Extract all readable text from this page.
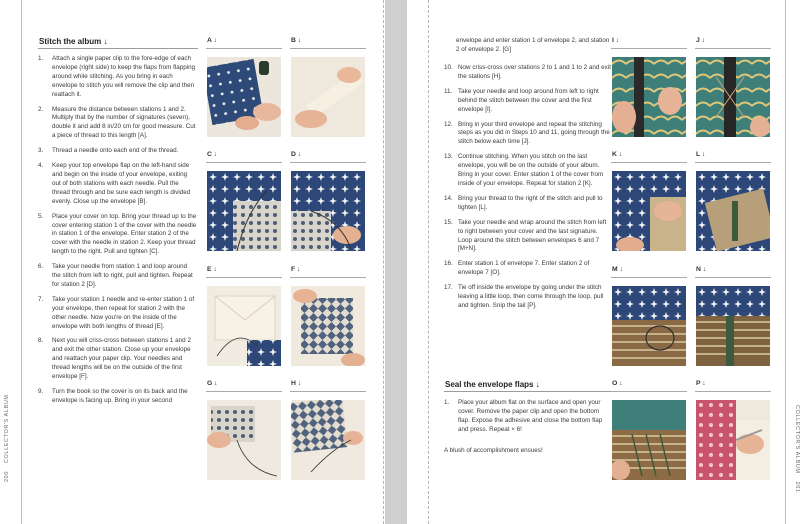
200COLLECTOR'S ALBUM
Stitch the album ↓
1. Attach a single paper clip to the fore-edge of each envelope (right side) to keep the flaps from flapping around while stitching. As you bring in each envelope to stitch you will remove the clip and then reattach it.
2. Measure the distance between stations 1 and 2. Multiply that by the number of signatures (seven), double it and add 8 in/20 cm for good measure. Cut a piece of thread to this length [A].
3. Thread a needle onto each end of the thread.
4. Keep your top envelope flap on the left-hand side and begin on the inside of your envelope, exiting out of both stations with each needle. Pull the thread through and be sure each length is divided evenly. Close up the envelope [B].
5. Place your cover on top. Bring your thread up to the cover entering station 1 of the cover with the needle in station 1 of the envelope. Enter station 2 of the cover with the needle in station 2. Keep your thread length to the right. Pull and tighten [C].
6. Take your needle from station 1 and loop around the stitch from left to right, pull and tighten. Repeat for station 2 [D].
7. Take your station 1 needle and re-enter station 1 of your envelope, then repeat for station 2 with the other needle. Now you're on the inside of the envelope with both lengths of thread [E].
8. Next you will criss-cross between stations 1 and 2 and exit the other station. Close up your envelope and reattach your paper clip. Your needles and thread lengths will be on the outside of the first envelope [F].
9. Turn the book so the cover is on its back and the envelope is facing up. Bring in your second
A ↓	B ↓
C ↓	D ↓
E ↓	F ↓
G ↓	H ↓
COLLECTOR'S ALBUM201

envelope and enter station 1 of envelope 2, and station 2 of envelope 2. [G]

10. Now criss-cross over stations 2 to 1 and 1 to 2 and exit the stations [H].
11. Take your needle and loop around from left to right behind the stitch between the cover and the first envelope [I].
12. Bring in your third envelope and repeat the stitching steps as you did in Steps 10 and 11, going through the stitch below each time [J].
13. Continue stitching. When you stitch on the last envelope, you will be on the outside of your album. Bring in your cover. Enter station 1 of the cover from inside of your envelope. Repeat for station 2 [K].
14. Bring your thread to the right of the stitch and pull to tighten [L].
15. Take your needle and wrap around the stitch from left to right between your cover and the last signature. Loop around the stitch between envelopes 6 and 7 [M+N].
16. Enter station 1 of envelope 7. Enter station 2 of envelope 7 [O].
17. Tie off inside the envelope by going under the stitch leaving a little loop, then come through the loop, pull and tighten. Snip the tail [P].
Seal the envelope flaps ↓
1. Place your album flat on the surface and open your cover. Remove the paper clip and open the bottom flap. Expose the adhesive and close the bottom flap and press. Repeat × 6!

A blush of accomplishment ensues!

I ↓	J ↓
K ↓	L ↓
M ↓	N ↓
O ↓	P ↓
